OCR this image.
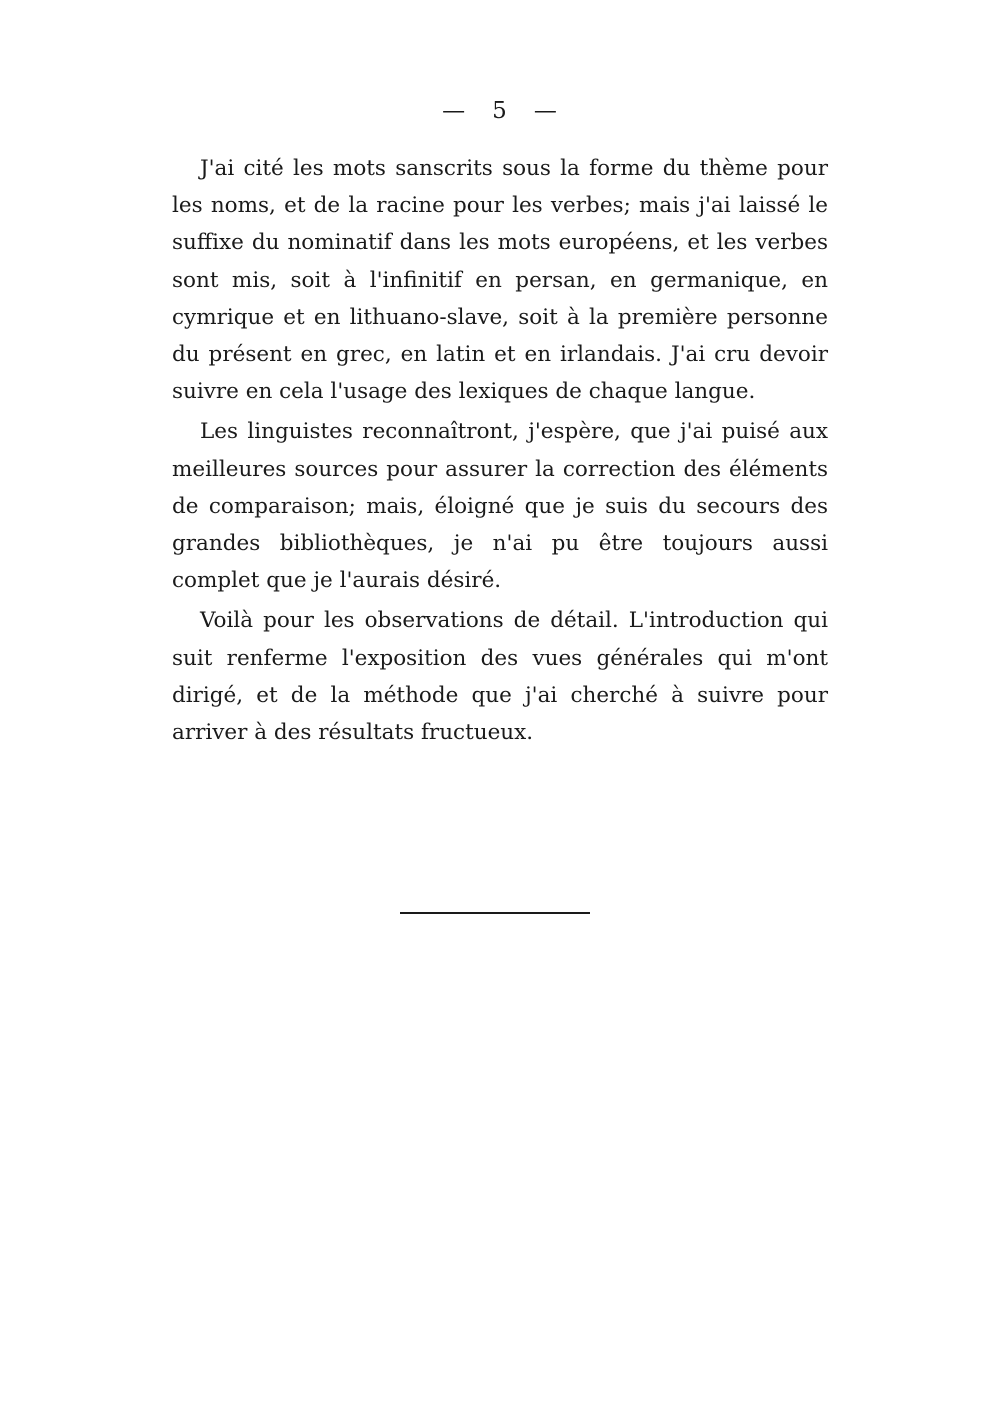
— 5 —

J'ai cité les mots sanscrits sous la forme du thème pour les noms, et de la racine pour les verbes; mais j'ai laissé le suffixe du nominatif dans les mots européens, et les verbes sont mis, soit à l'infinitif en persan, en germanique, en cymrique et en lithuano-slave, soit à la première personne du présent en grec, en latin et en irlandais. J'ai cru devoir suivre en cela l'usage des lexiques de chaque langue.

Les linguistes reconnaîtront, j'espère, que j'ai puisé aux meilleures sources pour assurer la correction des éléments de comparaison; mais, éloigné que je suis du secours des grandes bibliothèques, je n'ai pu être toujours aussi complet que je l'aurais désiré.

Voilà pour les observations de détail. L'introduction qui suit renferme l'exposition des vues générales qui m'ont dirigé, et de la méthode que j'ai cherché à suivre pour arriver à des résultats fructueux.
